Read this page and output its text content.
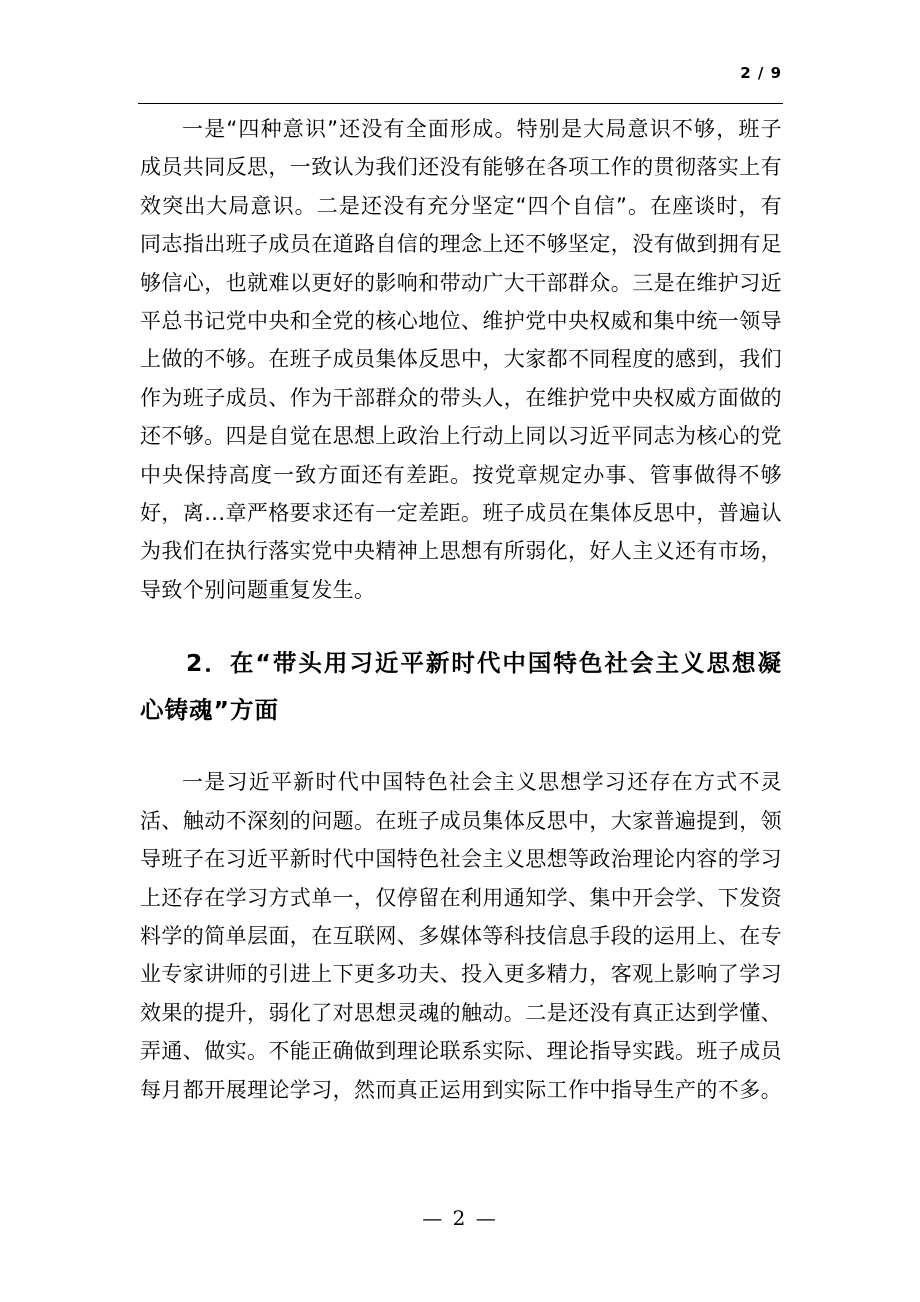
2 / 9

一是“四种意识”还没有全面形成。特别是大局意识不够，班子成员共同反思，一致认为我们还没有能够在各项工作的贯彻落实上有效突出大局意识。二是还没有充分坚定“四个自信”。在座谈时，有同志指出班子成员在道路自信的理念上还不够坚定，没有做到拥有足够信心，也就难以更好的影响和带动广大干部群众。三是在维护习近平总书记党中央和全党的核心地位、维护党中央权威和集中统一领导上做的不够。在班子成员集体反思中，大家都不同程度的感到，我们作为班子成员、作为干部群众的带头人，在维护党中央权威方面做的还不够。四是自觉在思想上政治上行动上同以习近平同志为核心的党中央保持高度一致方面还有差距。按党章规定办事、管事做得不够好，离...章严格要求还有一定差距。班子成员在集体反思中，普遍认为我们在执行落实党中央精神上思想有所弱化，好人主义还有市场，导致个别问题重复发生。

2．在“带头用习近平新时代中国特色社会主义思想凝心铸魂”方面

一是习近平新时代中国特色社会主义思想学习还存在方式不灵活、触动不深刻的问题。在班子成员集体反思中，大家普遍提到，领导班子在习近平新时代中国特色社会主义思想等政治理论内容的学习上还存在学习方式单一，仅停留在利用通知学、集中开会学、下发资料学的简单层面，在互联网、多媒体等科技信息手段的运用上、在专业专家讲师的引进上下更多功夫、投入更多精力，客观上影响了学习效果的提升，弱化了对思想灵魂的触动。二是还没有真正达到学懂、弄通、做实。不能正确做到理论联系实际、理论指导实践。班子成员每月都开展理论学习，然而真正运用到实际工作中指导生产的不多。

— 2 —
